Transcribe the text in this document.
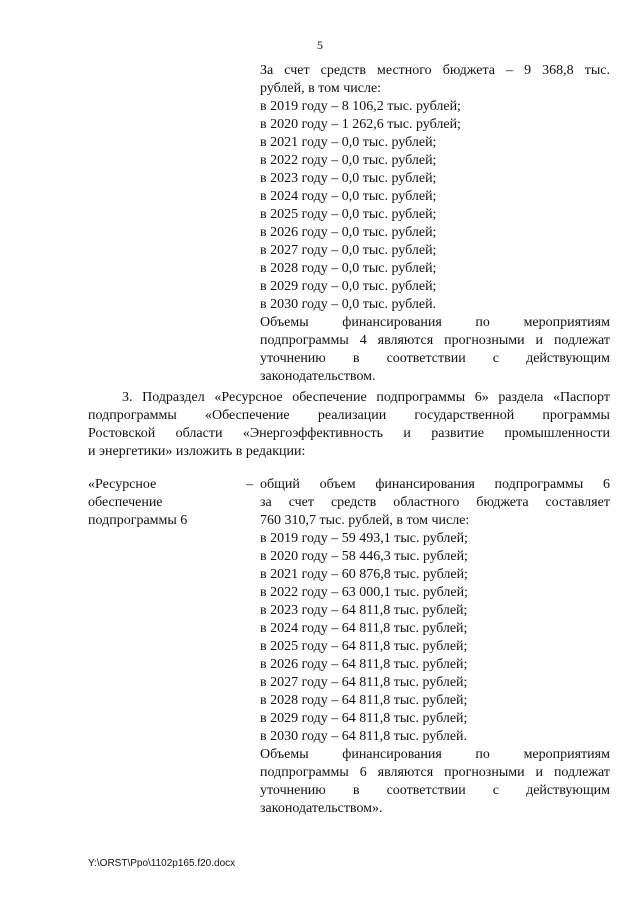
5
За счет средств местного бюджета – 9 368,8 тыс.
рублей, в том числе:
в 2019 году – 8 106,2 тыс. рублей;
в 2020 году – 1 262,6 тыс. рублей;
в 2021 году – 0,0 тыс. рублей;
в 2022 году – 0,0 тыс. рублей;
в 2023 году – 0,0 тыс. рублей;
в 2024 году – 0,0 тыс. рублей;
в 2025 году – 0,0 тыс. рублей;
в 2026 году – 0,0 тыс. рублей;
в 2027 году – 0,0 тыс. рублей;
в 2028 году – 0,0 тыс. рублей;
в 2029 году – 0,0 тыс. рублей;
в 2030 году – 0,0 тыс. рублей.
Объемы финансирования по мероприятиям
подпрограммы 4 являются прогнозными и подлежат
уточнению в соответствии с действующим
законодательством.
3. Подраздел «Ресурсное обеспечение подпрограммы 6» раздела «Паспорт
подпрограммы «Обеспечение реализации государственной программы
Ростовской области «Энергоэффективность и развитие промышленности
и энергетики» изложить в редакции:
«Ресурсное
обеспечение
подпрограммы 6
– общий объем финансирования подпрограммы 6
за счет средств областного бюджета составляет
760 310,7 тыс. рублей, в том числе:
в 2019 году – 59 493,1 тыс. рублей;
в 2020 году – 58 446,3 тыс. рублей;
в 2021 году – 60 876,8 тыс. рублей;
в 2022 году – 63 000,1 тыс. рублей;
в 2023 году – 64 811,8 тыс. рублей;
в 2024 году – 64 811,8 тыс. рублей;
в 2025 году – 64 811,8 тыс. рублей;
в 2026 году – 64 811,8 тыс. рублей;
в 2027 году – 64 811,8 тыс. рублей;
в 2028 году – 64 811,8 тыс. рублей;
в 2029 году – 64 811,8 тыс. рублей;
в 2030 году – 64 811,8 тыс. рублей.
Объемы финансирования по мероприятиям
подпрограммы 6 являются прогнозными и подлежат
уточнению в соответствии с действующим
законодательством».
Y:\ORST\Ppo\1102p165.f20.docx
